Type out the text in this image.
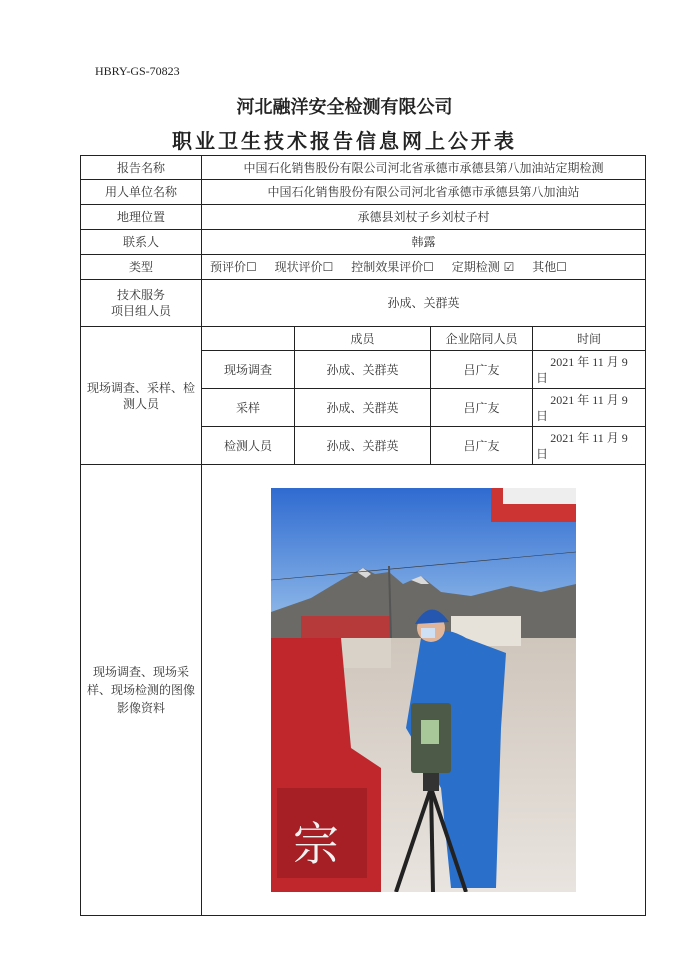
HBRY-GS-70823
河北融洋安全检测有限公司
职业卫生技术报告信息网上公开表
报告名称	中国石化销售股份有限公司河北省承德市承德县第八加油站定期检测			
用人单位名称	中国石化销售股份有限公司河北省承德市承德县第八加油站			
地理位置	承德县刘杖子乡刘杖子村			
联系人	韩露			
类型	预评价☐ 现状评价☐ 控制效果评价☐ 定期检测 ☑ 其他☐			

技术服务
项目组人员	孙成、关群英			
现场调查、采样、检测人员		成员	企业陪同人员	时间
	现场调查	孙成、关群英	吕广友	2021 年 11 月 9
日

	采样	孙成、关群英	吕广友	2021 年 11 月 9
日

	检测人员	孙成、关群英	吕广友	2021 年 11 月 9
日

现场调查、现场采样、现场检测的图像影像资料	宗			
